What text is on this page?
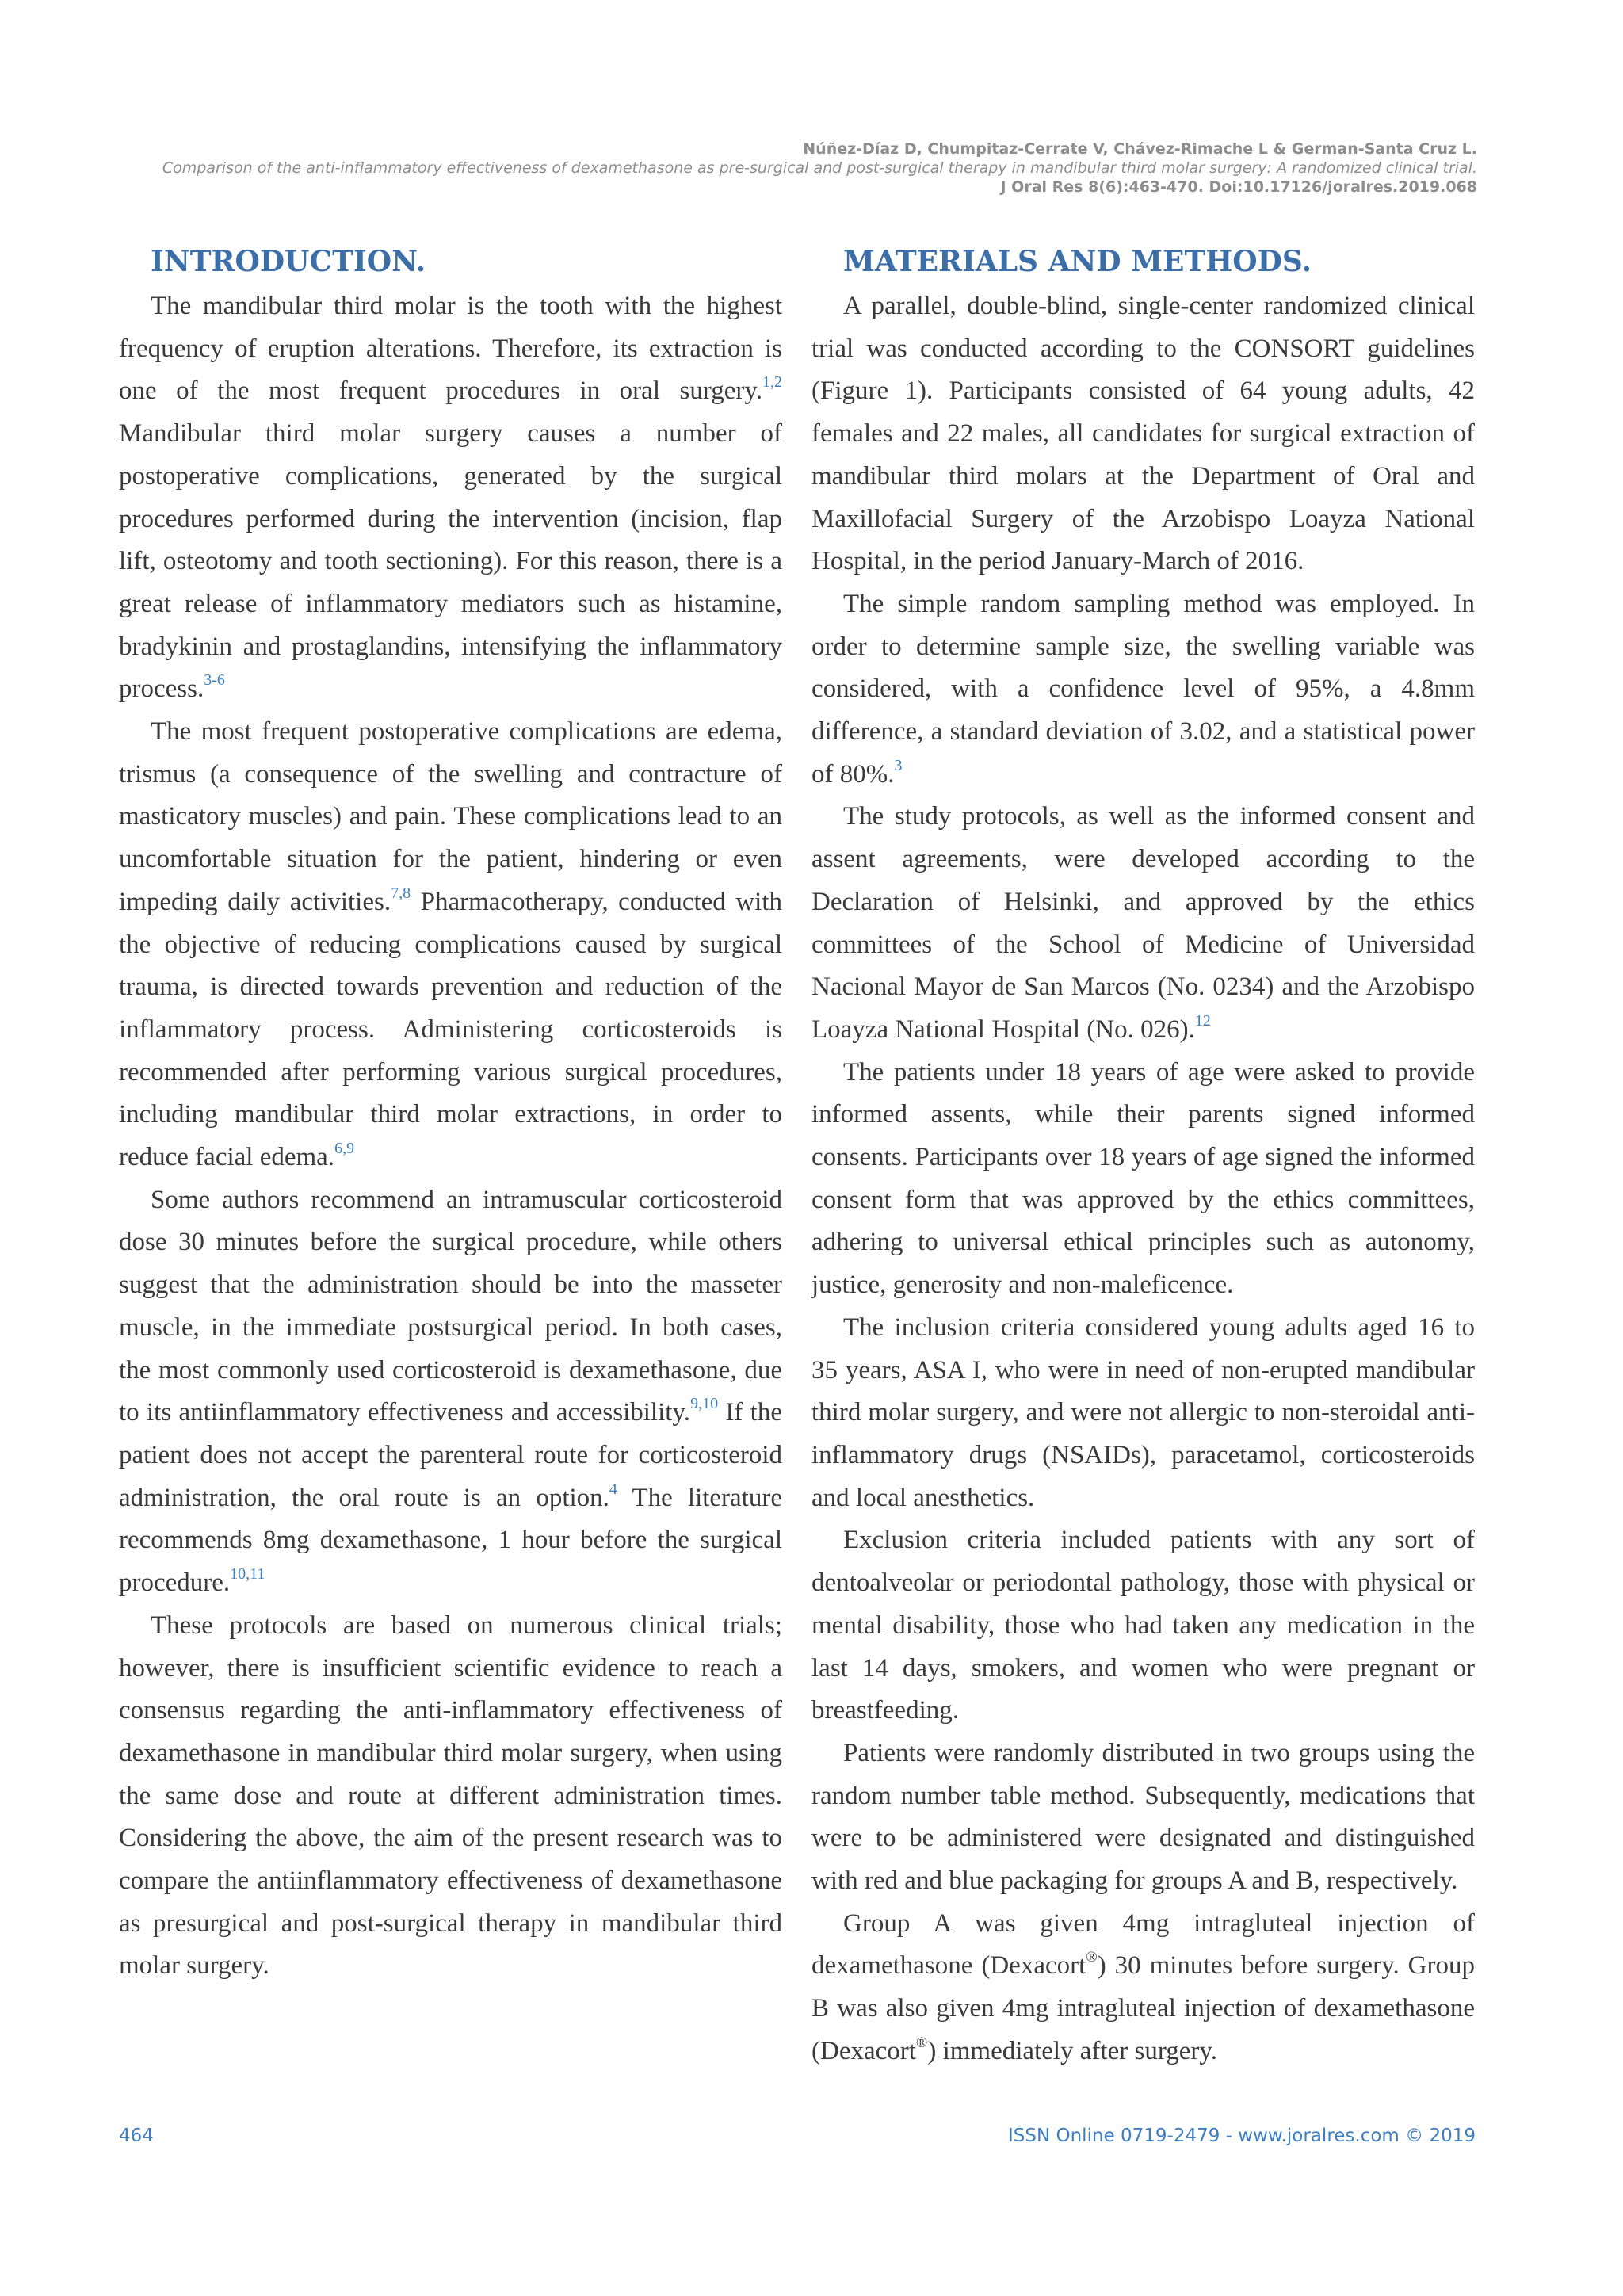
Núñez-Díaz D, Chumpitaz-Cerrate V, Chávez-Rimache L & German-Santa Cruz L.
Comparison of the anti-inflammatory effectiveness of dexamethasone as pre-surgical and post-surgical therapy in mandibular third molar surgery: A randomized clinical trial.
J Oral Res 8(6):463-470. Doi:10.17126/joralres.2019.068
INTRODUCTION.

The mandibular third molar is the tooth with the highest frequency of eruption alterations. Therefore, its extraction is one of the most frequent procedures in oral surgery.$^{1,2}$ Mandibular third molar surgery causes a number of postoperative complications, generated by the surgical procedures performed during the intervention (incision, flap lift, osteotomy and tooth sectioning). For this reason, there is a great release of inflammatory mediators such as histamine, bradykinin and prostaglandins, intensifying the inflammatory process.$^{3-6}$

The most frequent postoperative complications are edema, trismus (a consequence of the swelling and contracture of masticatory muscles) and pain. These complications lead to an uncomfortable situation for the patient, hindering or even impeding daily activities.$^{7,8}$ Pharmacotherapy, conducted with the objective of reducing complications caused by surgical trauma, is directed towards prevention and reduction of the inflammatory process. Administering corticosteroids is recommended after performing various surgical procedures, including mandibular third molar extractions, in order to reduce facial edema.$^{6,9}$

Some authors recommend an intramuscular corticosteroid dose 30 minutes before the surgical procedure, while others suggest that the administration should be into the masseter muscle, in the immediate postsurgical period. In both cases, the most commonly used corticosteroid is dexamethasone, due to its antiinflammatory effectiveness and accessibility.$^{9,10}$ If the patient does not accept the parenteral route for corticosteroid administration, the oral route is an option.$^4$ The literature recommends 8mg dexamethasone, 1 hour before the surgical procedure.$^{10,11}$

These protocols are based on numerous clinical trials; however, there is insufficient scientific evidence to reach a consensus regarding the anti-inflammatory effectiveness of dexamethasone in mandibular third molar surgery, when using the same dose and route at different administration times. Considering the above, the aim of the present research was to compare the antiinflammatory effectiveness of dexamethasone as presurgical and post-surgical therapy in mandibular third molar surgery.

MATERIALS AND METHODS.

A parallel, double-blind, single-center randomized clinical trial was conducted according to the CONSORT guidelines (Figure 1). Participants consisted of 64 young adults, 42 females and 22 males, all candidates for surgical extraction of mandibular third molars at the Department of Oral and Maxillofacial Surgery of the Arzobispo Loayza National Hospital, in the period January-March of 2016.

The simple random sampling method was employed. In order to determine sample size, the swelling variable was considered, with a confidence level of 95%, a 4.8mm difference, a standard deviation of 3.02, and a statistical power of 80%.$^3$

The study protocols, as well as the informed consent and assent agreements, were developed according to the Declaration of Helsinki, and approved by the ethics committees of the School of Medicine of Universidad Nacional Mayor de San Marcos (No. 0234) and the Arzobispo Loayza National Hospital (No. 026).$^{12}$

The patients under 18 years of age were asked to provide informed assents, while their parents signed informed consents. Participants over 18 years of age signed the informed consent form that was approved by the ethics committees, adhering to universal ethical principles such as autonomy, justice, generosity and non-maleficence.

The inclusion criteria considered young adults aged 16 to 35 years, ASA I, who were in need of non-erupted mandibular third molar surgery, and were not allergic to non-steroidal anti-inflammatory drugs (NSAIDs), paracetamol, corticosteroids and local anesthetics.

Exclusion criteria included patients with any sort of dentoalveolar or periodontal pathology, those with physical or mental disability, those who had taken any medication in the last 14 days, smokers, and women who were pregnant or breastfeeding.

Patients were randomly distributed in two groups using the random number table method. Subsequently, medications that were to be administered were designated and distinguished with red and blue packaging for groups A and B, respectively.

Group A was given 4mg intragluteal injection of dexamethasone (Dexacort®) 30 minutes before surgery. Group B was also given 4mg intragluteal injection of dexamethasone (Dexacort®) immediately after surgery.

464	ISSN Online 0719-2479 - www.joralres.com © 2019
